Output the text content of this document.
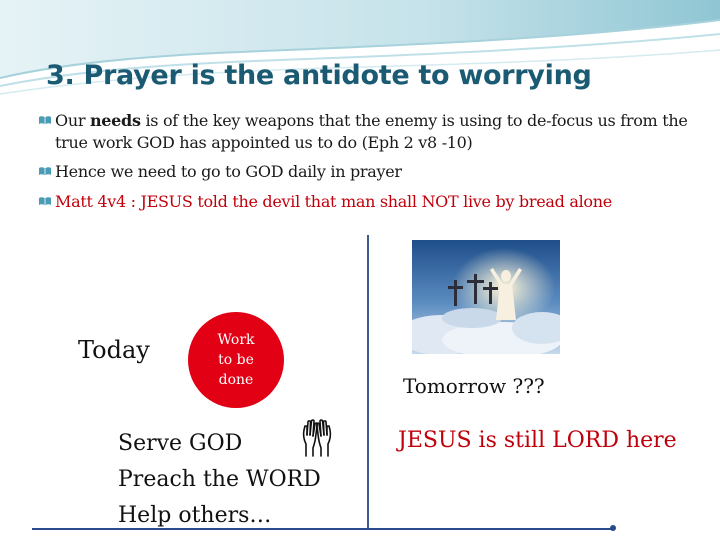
3. Prayer is the antidote to worrying
Our needs is of the key weapons that the enemy is using to de-focus us from the true work GOD has appointed us to do (Eph 2 v8 -10)
Hence we need to go to GOD daily in prayer
Matt 4v4 : JESUS told the devil that man shall NOT live by bread alone
Today	Work
to be
done
Serve GOD
Preach the WORD
Help others…
Tomorrow ???
JESUS is still LORD here
